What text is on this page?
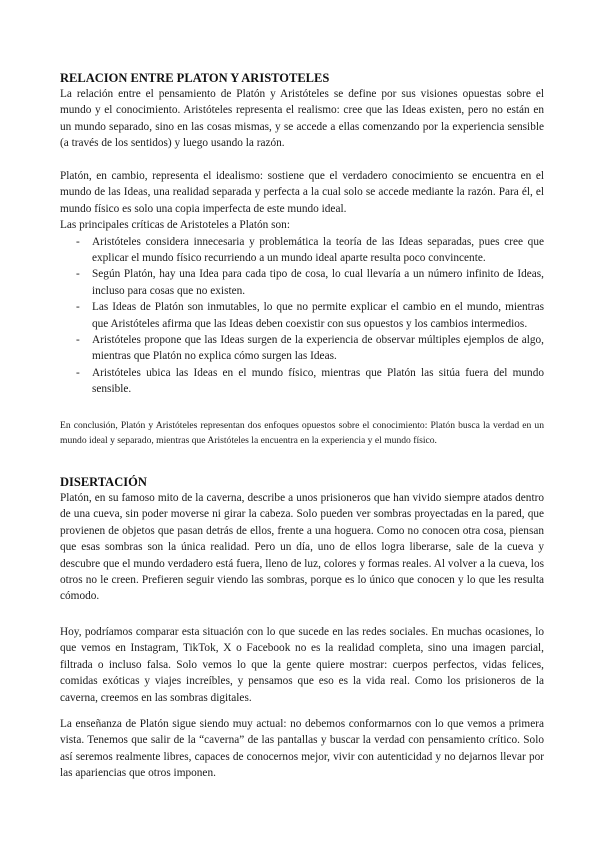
RELACION ENTRE PLATON Y ARISTOTELES

La relación entre el pensamiento de Platón y Aristóteles se define por sus visiones opuestas sobre el mundo y el conocimiento. Aristóteles representa el realismo: cree que las Ideas existen, pero no están en un mundo separado, sino en las cosas mismas, y se accede a ellas comenzando por la experiencia sensible (a través de los sentidos) y luego usando la razón.

Platón, en cambio, representa el idealismo: sostiene que el verdadero conocimiento se encuentra en el mundo de las Ideas, una realidad separada y perfecta a la cual solo se accede mediante la razón. Para él, el mundo físico es solo una copia imperfecta de este mundo ideal.

Las principales críticas de Aristoteles a Platón son:

- Aristóteles considera innecesaria y problemática la teoría de las Ideas separadas, pues cree que explicar el mundo físico recurriendo a un mundo ideal aparte resulta poco convincente.
- Según Platón, hay una Idea para cada tipo de cosa, lo cual llevaría a un número infinito de Ideas, incluso para cosas que no existen.
- Las Ideas de Platón son inmutables, lo que no permite explicar el cambio en el mundo, mientras que Aristóteles afirma que las Ideas deben coexistir con sus opuestos y los cambios intermedios.
- Aristóteles propone que las Ideas surgen de la experiencia de observar múltiples ejemplos de algo, mientras que Platón no explica cómo surgen las Ideas.
- Aristóteles ubica las Ideas en el mundo físico, mientras que Platón las sitúa fuera del mundo sensible.

En conclusión, Platón y Aristóteles representan dos enfoques opuestos sobre el conocimiento: Platón busca la verdad en un mundo ideal y separado, mientras que Aristóteles la encuentra en la experiencia y el mundo físico.

DISERTACIÓN

Platón, en su famoso mito de la caverna, describe a unos prisioneros que han vivido siempre atados dentro de una cueva, sin poder moverse ni girar la cabeza. Solo pueden ver sombras proyectadas en la pared, que provienen de objetos que pasan detrás de ellos, frente a una hoguera. Como no conocen otra cosa, piensan que esas sombras son la única realidad. Pero un día, uno de ellos logra liberarse, sale de la cueva y descubre que el mundo verdadero está fuera, lleno de luz, colores y formas reales. Al volver a la cueva, los otros no le creen. Prefieren seguir viendo las sombras, porque es lo único que conocen y lo que les resulta cómodo.

Hoy, podríamos comparar esta situación con lo que sucede en las redes sociales. En muchas ocasiones, lo que vemos en Instagram, TikTok, X o Facebook no es la realidad completa, sino una imagen parcial, filtrada o incluso falsa. Solo vemos lo que la gente quiere mostrar: cuerpos perfectos, vidas felices, comidas exóticas y viajes increíbles, y pensamos que eso es la vida real. Como los prisioneros de la caverna, creemos en las sombras digitales.

La enseñanza de Platón sigue siendo muy actual: no debemos conformarnos con lo que vemos a primera vista. Tenemos que salir de la “caverna” de las pantallas y buscar la verdad con pensamiento crítico. Solo así seremos realmente libres, capaces de conocernos mejor, vivir con autenticidad y no dejarnos llevar por las apariencias que otros imponen.
